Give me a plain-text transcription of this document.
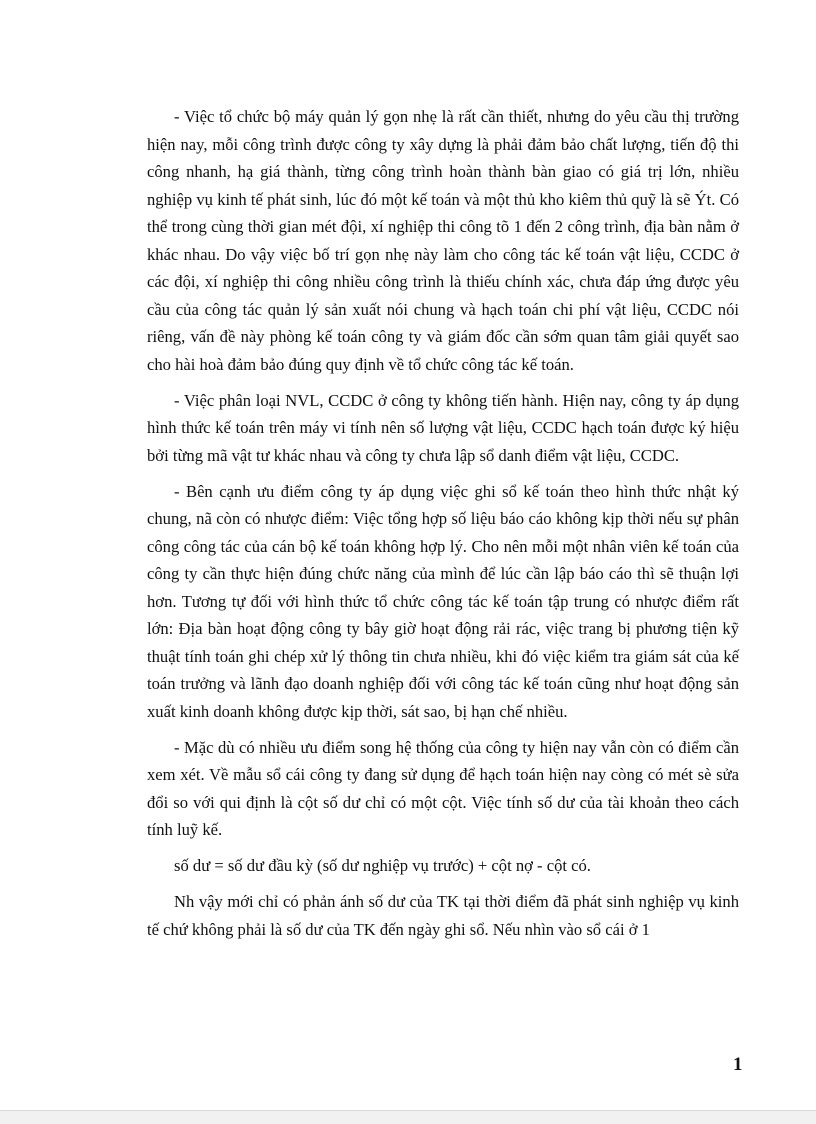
- Việc tổ chức bộ máy quản lý gọn nhẹ là rất cần thiết, nhưng do yêu cầu thị trường hiện nay, mỗi công trình được công ty xây dựng là phải đảm bảo chất lượng, tiến độ thi công nhanh, hạ giá thành, từng công trình hoàn thành bàn giao có giá trị lớn, nhiều nghiệp vụ kinh tế phát sinh, lúc đó một kế toán và một thủ kho kiêm thủ quỹ là sẽ Ýt. Có thể trong cùng thời gian mét đội, xí nghiệp thi công tõ 1 đến 2 công trình, địa bàn nằm ở khác nhau. Do vậy việc bố trí gọn nhẹ này làm cho công tác kế toán vật liệu, CCDC ở các đội, xí nghiệp thi công nhiều công trình là thiếu chính xác, chưa đáp ứng được yêu cầu của công tác quản lý sản xuất nói chung và hạch toán chi phí vật liệu, CCDC nói riêng, vấn đề này phòng kế toán công ty và giám đốc cần sớm quan tâm giải quyết sao cho hài hoà đảm bảo đúng quy định về tổ chức công tác kế toán.

- Việc phân loại NVL, CCDC ở công ty không tiến hành. Hiện nay, công ty áp dụng hình thức kế toán trên máy vi tính nên số lượng vật liệu, CCDC hạch toán được ký hiệu bởi từng mã vật tư khác nhau và công ty chưa lập sổ danh điểm vật liệu, CCDC.

- Bên cạnh ưu điểm công ty áp dụng việc ghi sổ kế toán theo hình thức nhật ký chung, nã còn có nhược điểm: Việc tổng hợp số liệu báo cáo không kịp thời nếu sự phân công công tác của cán bộ kế toán không hợp lý. Cho nên mỗi một nhân viên kế toán của công ty cần thực hiện đúng chức năng của mình để lúc cần lập báo cáo thì sẽ thuận lợi hơn. Tương tự đối với hình thức tổ chức công tác kế toán tập trung có nhược điểm rất lớn: Địa bàn hoạt động công ty bây giờ hoạt động rải rác, việc trang bị phương tiện kỹ thuật tính toán ghi chép xử lý thông tin chưa nhiều, khi đó việc kiểm tra giám sát của kế toán trưởng và lãnh đạo doanh nghiệp đối với công tác kế toán cũng như hoạt động sản xuất kinh doanh không được kịp thời, sát sao, bị hạn chế nhiều.

- Mặc dù có nhiều ưu điểm song hệ thống của công ty hiện nay vẫn còn có điểm cần xem xét. Về mẫu sổ cái công ty đang sử dụng để hạch toán hiện nay còng có mét sè sửa đổi so với qui định là cột số dư chỉ có một cột. Việc tính số dư của tài khoản theo cách tính luỹ kế.

số dư = số dư đầu kỳ (số dư nghiệp vụ trước) + cột nợ - cột có.

Nh vậy mới chỉ có phản ánh số dư của TK tại thời điểm đã phát sinh nghiệp vụ kinh tế chứ không phải là số dư của TK đến ngày ghi sổ. Nếu nhìn vào sổ cái ở 1

1
